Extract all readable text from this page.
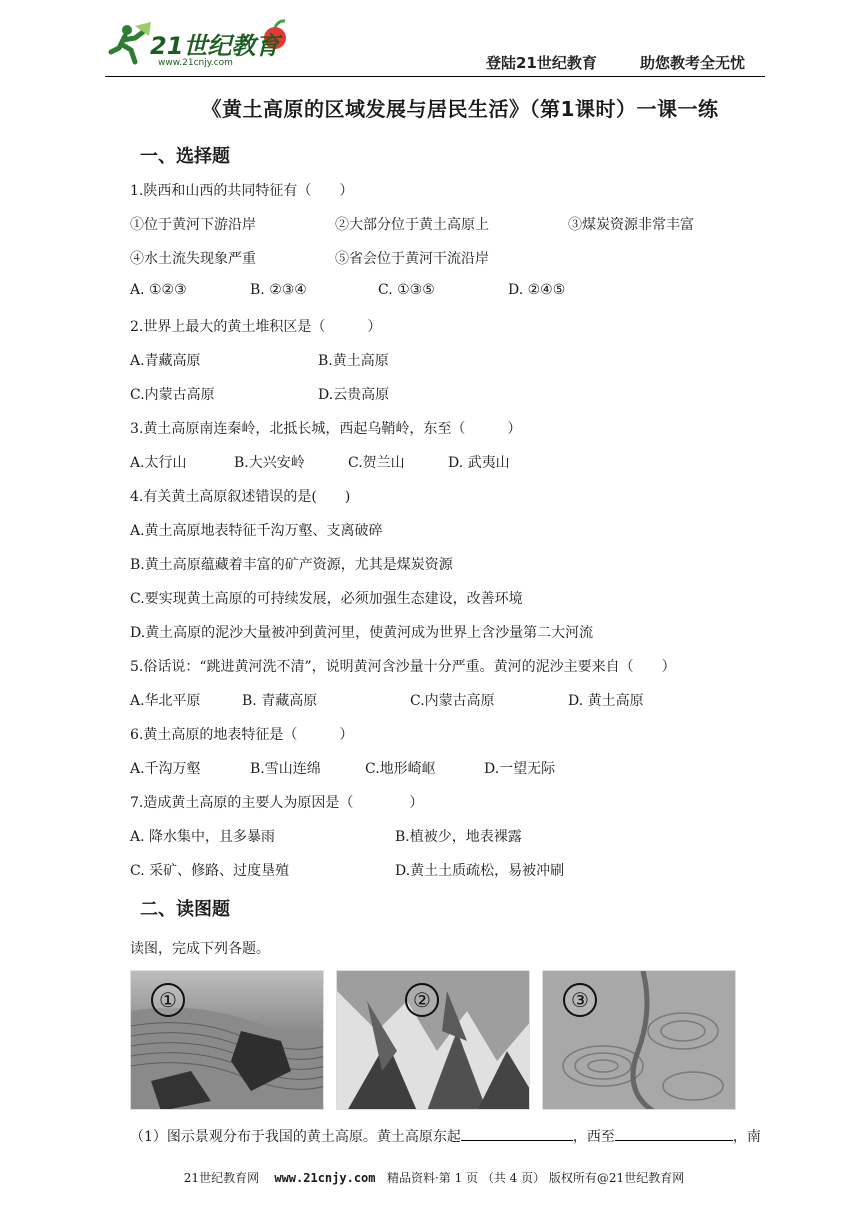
21世纪教育
www.21cnjy.com	登陆21世纪教育	助您教考全无忧
《黄土高原的区域发展与居民生活》（第1课时）一课一练
一、选择题
1.陕西和山西的共同特征有（　　）
①位于黄河下游沿岸	②大部分位于黄土高原上	③煤炭资源非常丰富
④水土流失现象严重	⑤省会位于黄河干流沿岸
A. ①②③	B. ②③④	C. ①③⑤	D. ②④⑤
2.世界上最大的黄土堆积区是（　　　）
A.青藏高原	B.黄土高原
C.内蒙古高原	D.云贵高原
3.黄土高原南连秦岭，北抵长城，西起乌鞘岭，东至（　　　）
A.太行山	B.大兴安岭	C.贺兰山	D. 武夷山
4.有关黄土高原叙述错误的是(　　)
A.黄土高原地表特征千沟万壑、支离破碎
B.黄土高原蕴藏着丰富的矿产资源，尤其是煤炭资源
C.要实现黄土高原的可持续发展，必须加强生态建设，改善环境
D.黄土高原的泥沙大量被冲到黄河里，使黄河成为世界上含沙量第二大河流
5.俗话说：“跳进黄河洗不清”，说明黄河含沙量十分严重。黄河的泥沙主要来自（　　）
A.华北平原	B. 青藏高原	C.内蒙古高原	D. 黄土高原
6.黄土高原的地表特征是（　　　）
A.千沟万壑	B.雪山连绵	C.地形崎岖	D.一望无际
7.造成黄土高原的主要人为原因是（　　　　）
A. 降水集中，且多暴雨	B.植被少，地表裸露
C. 采矿、修路、过度垦殖	D.黄土土质疏松，易被冲刷
二、读图题
读图，完成下列各题。
①	②	③
（1）图示景观分布于我国的黄土高原。黄土高原东起	，西至	，南
21世纪教育网 www.21cnjy.com 精品资料·第 1 页 （共 4 页） 版权所有@21世纪教育网
